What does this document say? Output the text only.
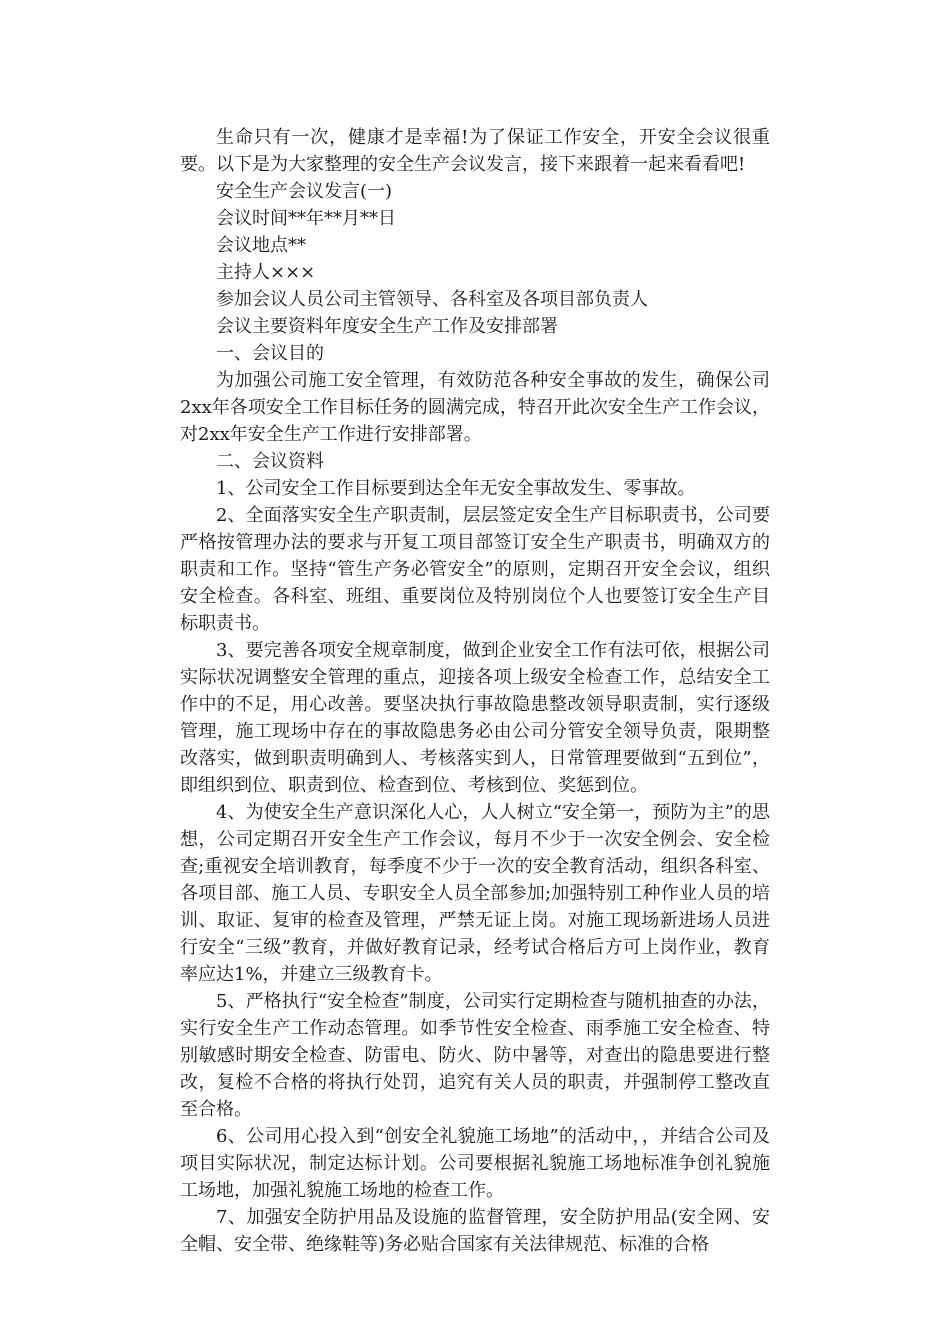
生命只有一次，健康才是幸福!为了保证工作安全，开安全会议很重要。以下是为大家整理的安全生产会议发言，接下来跟着一起来看看吧!

安全生产会议发言(一)

会议时间**年**月**日

会议地点**

主持人×××

参加会议人员公司主管领导、各科室及各项目部负责人

会议主要资料年度安全生产工作及安排部署

一、会议目的

为加强公司施工安全管理，有效防范各种安全事故的发生，确保公司2xx年各项安全工作目标任务的圆满完成，特召开此次安全生产工作会议，对2xx年安全生产工作进行安排部署。

二、会议资料

1、公司安全工作目标要到达全年无安全事故发生、零事故。

2、全面落实安全生产职责制，层层签定安全生产目标职责书，公司要严格按管理办法的要求与开复工项目部签订安全生产职责书，明确双方的职责和工作。坚持“管生产务必管安全”的原则，定期召开安全会议，组织安全检查。各科室、班组、重要岗位及特别岗位个人也要签订安全生产目标职责书。

3、要完善各项安全规章制度，做到企业安全工作有法可依，根据公司实际状况调整安全管理的重点，迎接各项上级安全检查工作，总结安全工作中的不足，用心改善。要坚决执行事故隐患整改领导职责制，实行逐级管理，施工现场中存在的事故隐患务必由公司分管安全领导负责，限期整改落实，做到职责明确到人、考核落实到人，日常管理要做到“五到位”，即组织到位、职责到位、检查到位、考核到位、奖惩到位。

4、为使安全生产意识深化人心，人人树立“安全第一，预防为主”的思想，公司定期召开安全生产工作会议，每月不少于一次安全例会、安全检查;重视安全培训教育，每季度不少于一次的安全教育活动，组织各科室、各项目部、施工人员、专职安全人员全部参加;加强特别工种作业人员的培训、取证、复审的检查及管理，严禁无证上岗。对施工现场新进场人员进行安全“三级”教育，并做好教育记录，经考试合格后方可上岗作业，教育率应达1%，并建立三级教育卡。

5、严格执行“安全检查”制度，公司实行定期检查与随机抽查的办法，实行安全生产工作动态管理。如季节性安全检查、雨季施工安全检查、特别敏感时期安全检查、防雷电、防火、防中暑等，对查出的隐患要进行整改，复检不合格的将执行处罚，追究有关人员的职责，并强制停工整改直至合格。

6、公司用心投入到“创安全礼貌施工场地”的活动中，，并结合公司及项目实际状况，制定达标计划。公司要根据礼貌施工场地标准争创礼貌施工场地，加强礼貌施工场地的检查工作。

7、加强安全防护用品及设施的监督管理，安全防护用品(安全网、安全帽、安全带、绝缘鞋等)务必贴合国家有关法律规范、标准的合格
